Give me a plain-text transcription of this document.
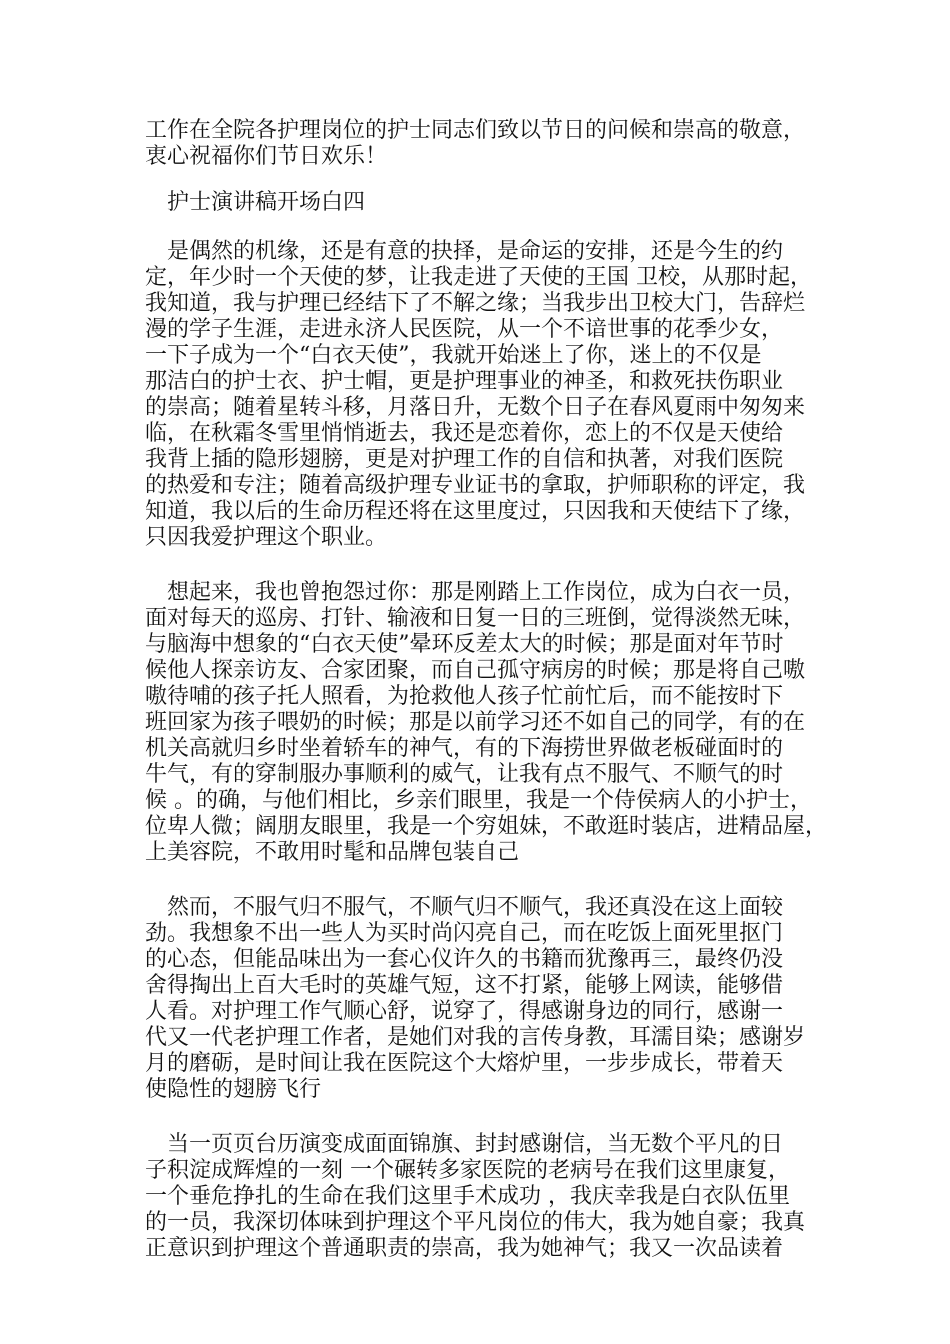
工作在全院各护理岗位的护士同志们致以节日的问候和崇高的敬意，
衷心祝福你们节日欢乐！
护士演讲稿开场白四
是偶然的机缘，还是有意的抉择，是命运的安排，还是今生的约
定，年少时一个天使的梦，让我走进了天使的王国 卫校，从那时起，
我知道，我与护理已经结下了不解之缘；当我步出卫校大门，告辞烂
漫的学子生涯，走进永济人民医院，从一个不谙世事的花季少女，
一下子成为一个“白衣天使”，我就开始迷上了你，迷上的不仅是
那洁白的护士衣、护士帽，更是护理事业的神圣，和救死扶伤职业
的崇高；随着星转斗移，月落日升，无数个日子在春风夏雨中匆匆来
临，在秋霜冬雪里悄悄逝去，我还是恋着你，恋上的不仅是天使给
我背上插的隐形翅膀，更是对护理工作的自信和执著，对我们医院
的热爱和专注；随着高级护理专业证书的拿取，护师职称的评定，我
知道，我以后的生命历程还将在这里度过，只因我和天使结下了缘，
只因我爱护理这个职业。
想起来，我也曾抱怨过你：那是刚踏上工作岗位，成为白衣一员，
面对每天的巡房、打针、输液和日复一日的三班倒，觉得淡然无味，
与脑海中想象的“白衣天使”晕环反差太大的时候；那是面对年节时
候他人探亲访友、合家团聚，而自己孤守病房的时候；那是将自己嗷
嗷待哺的孩子托人照看，为抢救他人孩子忙前忙后，而不能按时下
班回家为孩子喂奶的时候；那是以前学习还不如自己的同学，有的在
机关高就归乡时坐着轿车的神气，有的下海捞世界做老板碰面时的
牛气，有的穿制服办事顺利的威气，让我有点不服气、不顺气的时
候 。的确，与他们相比，乡亲们眼里，我是一个侍侯病人的小护士，
位卑人微；阔朋友眼里，我是一个穷姐妹，不敢逛时装店，进精品屋，
上美容院，不敢用时髦和品牌包装自己
然而，不服气归不服气，不顺气归不顺气，我还真没在这上面较
劲。我想象不出一些人为买时尚闪亮自己，而在吃饭上面死里抠门
的心态，但能品味出为一套心仪许久的书籍而犹豫再三，最终仍没
舍得掏出上百大毛时的英雄气短，这不打紧，能够上网读，能够借
人看。对护理工作气顺心舒，说穿了，得感谢身边的同行，感谢一
代又一代老护理工作者，是她们对我的言传身教，耳濡目染；感谢岁
月的磨砺，是时间让我在医院这个大熔炉里，一步步成长，带着天
使隐性的翅膀飞行
当一页页台历演变成面面锦旗、封封感谢信，当无数个平凡的日
子积淀成辉煌的一刻 一个碾转多家医院的老病号在我们这里康复，
一个垂危挣扎的生命在我们这里手术成功 ，我庆幸我是白衣队伍里
的一员，我深切体味到护理这个平凡岗位的伟大，我为她自豪；我真
正意识到护理这个普通职责的崇高，我为她神气；我又一次品读着
